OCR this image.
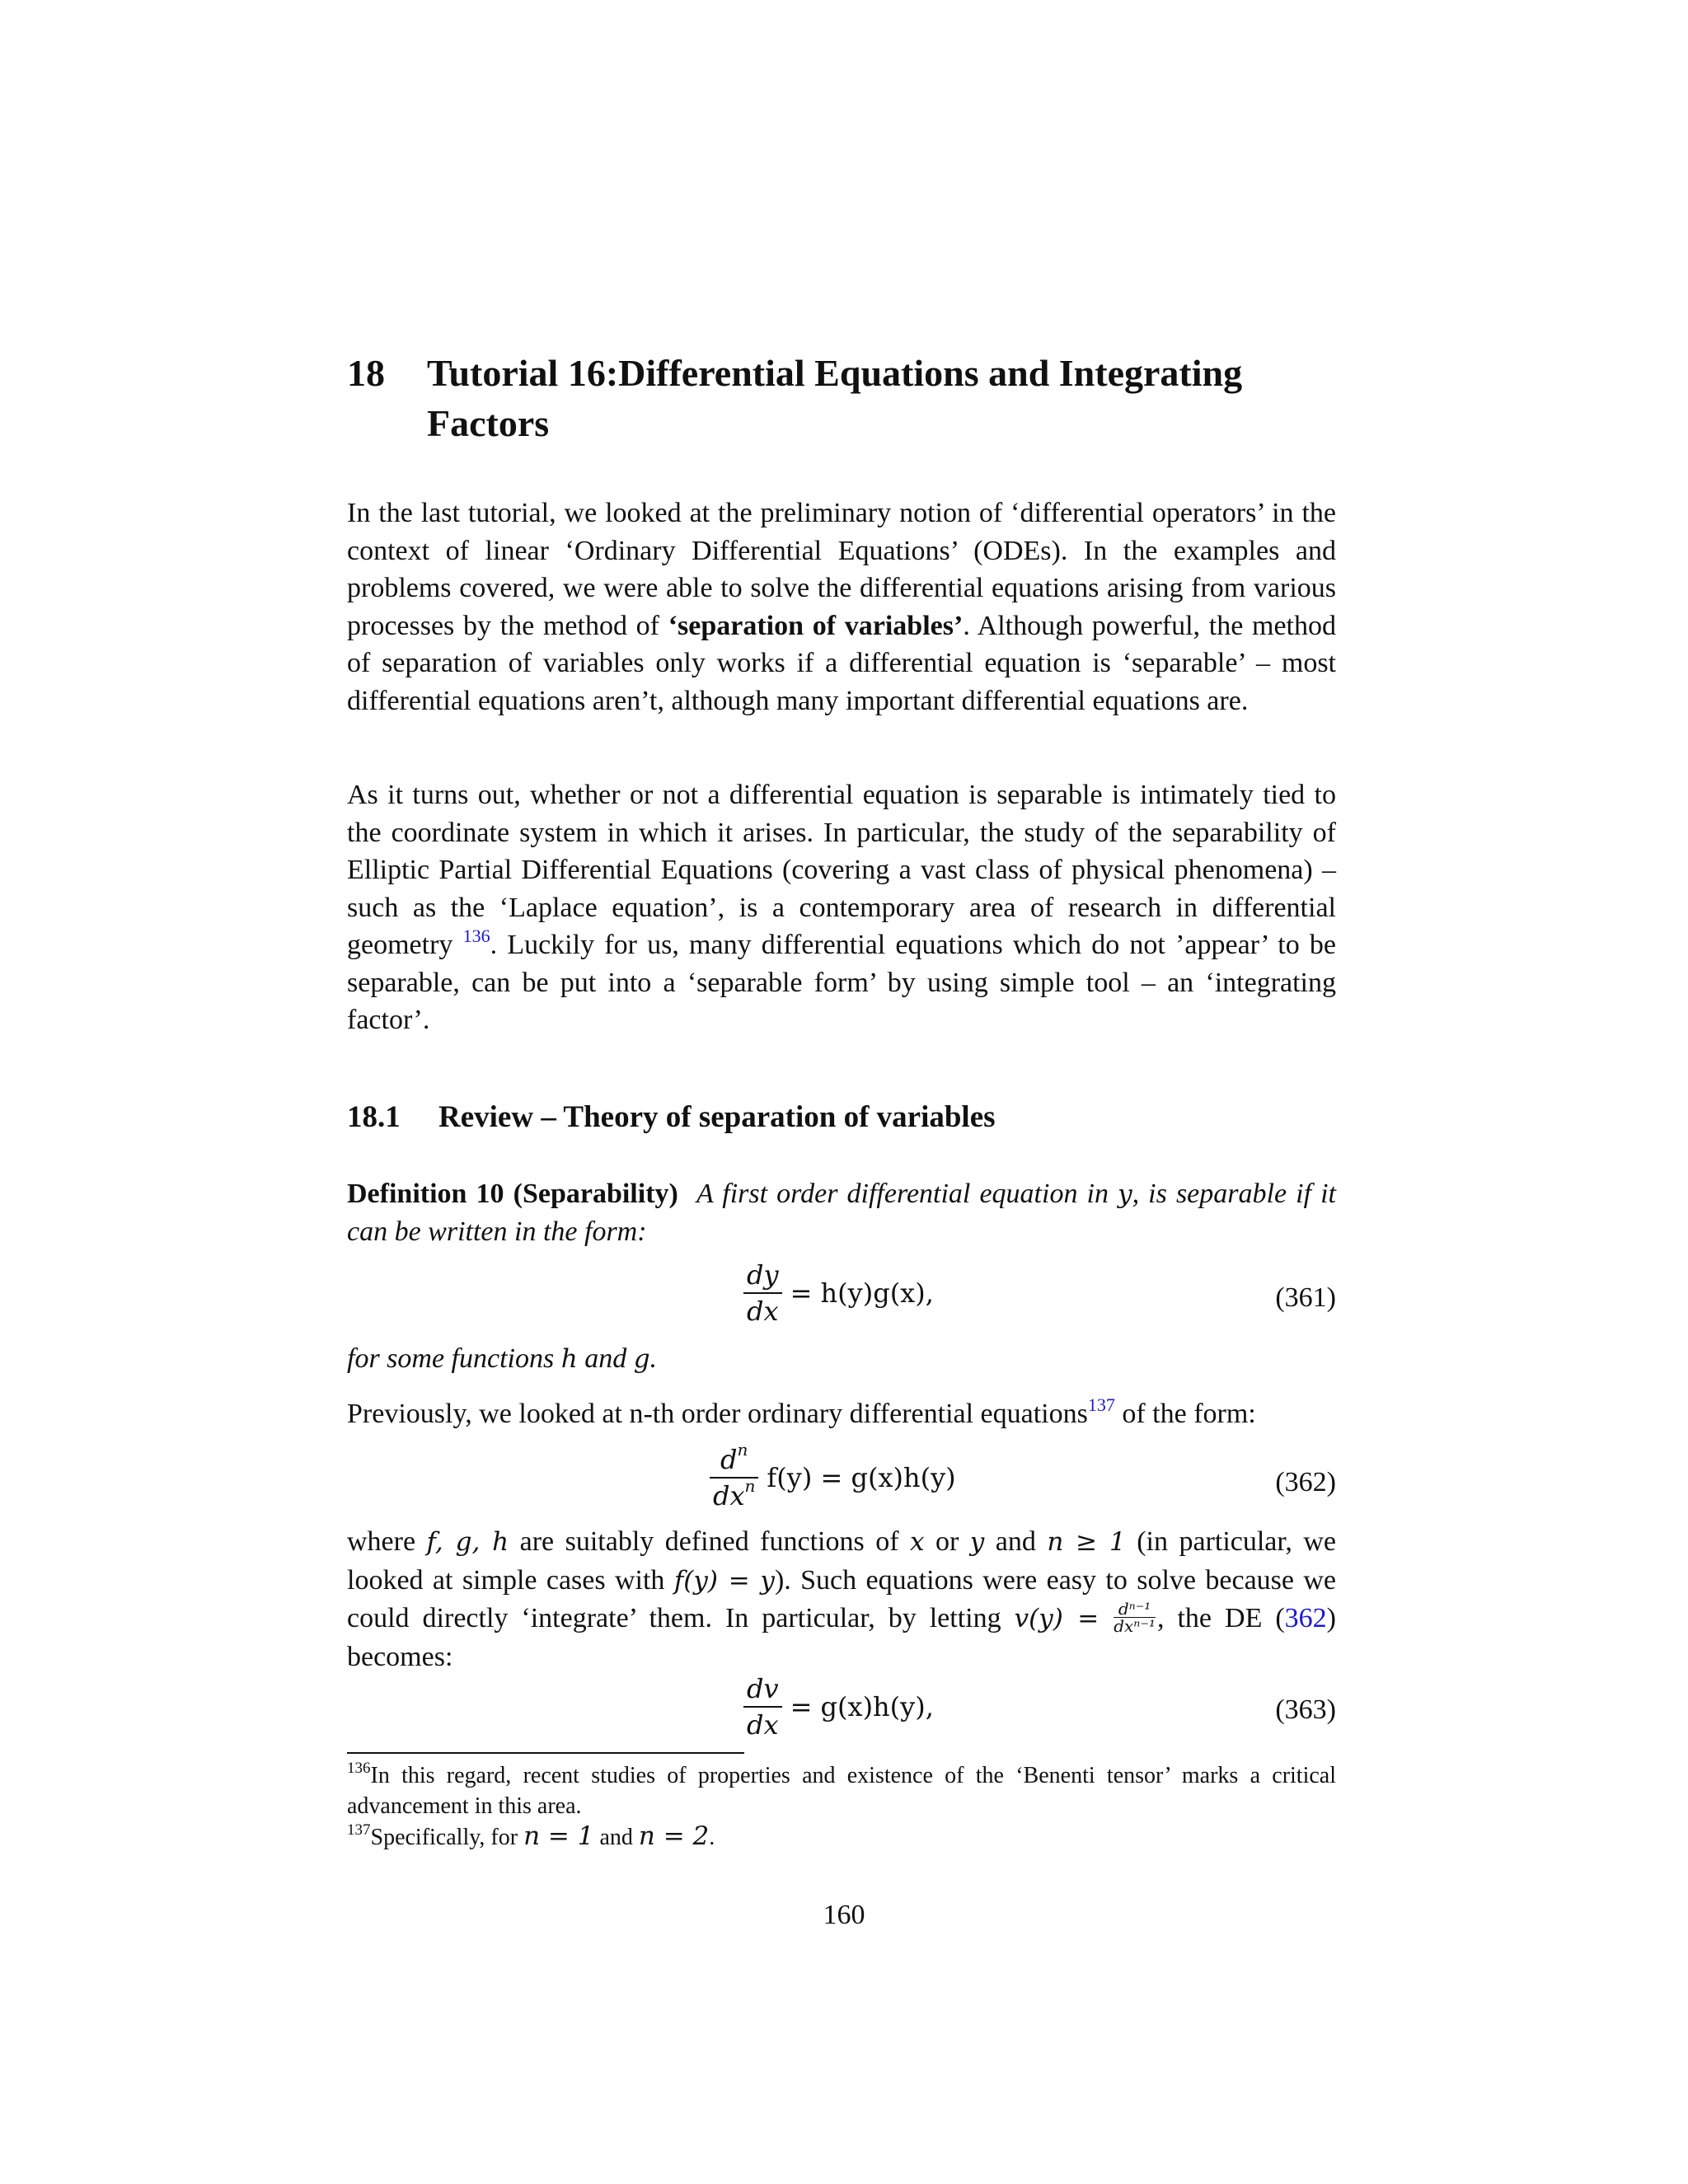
18 Tutorial 16:Differential Equations and Integrating Factors

In the last tutorial, we looked at the preliminary notion of ‘differential operators’ in the context of linear ‘Ordinary Differential Equations’ (ODEs). In the examples and problems covered, we were able to solve the differential equations arising from various processes by the method of ‘separation of variables’. Although powerful, the method of separation of variables only works if a differential equation is ‘separable’ – most differential equations aren’t, although many important differential equations are.

As it turns out, whether or not a differential equation is separable is intimately tied to the coordinate system in which it arises. In particular, the study of the separability of Elliptic Partial Differential Equations (covering a vast class of physical phenomena) – such as the ‘Laplace equation’, is a contemporary area of research in differential geometry $^{136}$. Luckily for us, many differential equations which do not ’appear’ to be separable, can be put into a ‘separable form’ by using simple tool – an ‘integrating factor’.

18.1 Review – Theory of separation of variables
Definition 10 (Separability) A first order differential equation in y, is separable if it can be written in the form:
$\frac{dy}{dx} = h(y)g(x)$,	(361)
for some functions h and g.

Previously, we looked at n-th order ordinary differential equations$^{137}$ of the form:

$\frac{d^n}{dx^n} f(y) = g(x)h(y)$	(362)

where f, g, h are suitably defined functions of x or y and n ≥ 1 (in particular, we looked at simple cases with f(y) = y). Such equations were easy to solve because we could directly ‘integrate’ them. In particular, by letting $v(y) = \frac{\text{dⁿ⁻¹}}{\text{dxⁿ⁻¹}}$ , the DE (362) becomes:

$\frac{dv}{dx} = g(x)h(y)$,	(363)

$^{136}$In this regard, recent studies of properties and existence of the ‘Benenti tensor’ marks a critical advancement in this area.

$^{137}$Specifically, for n = 1 and n = 2.

160
